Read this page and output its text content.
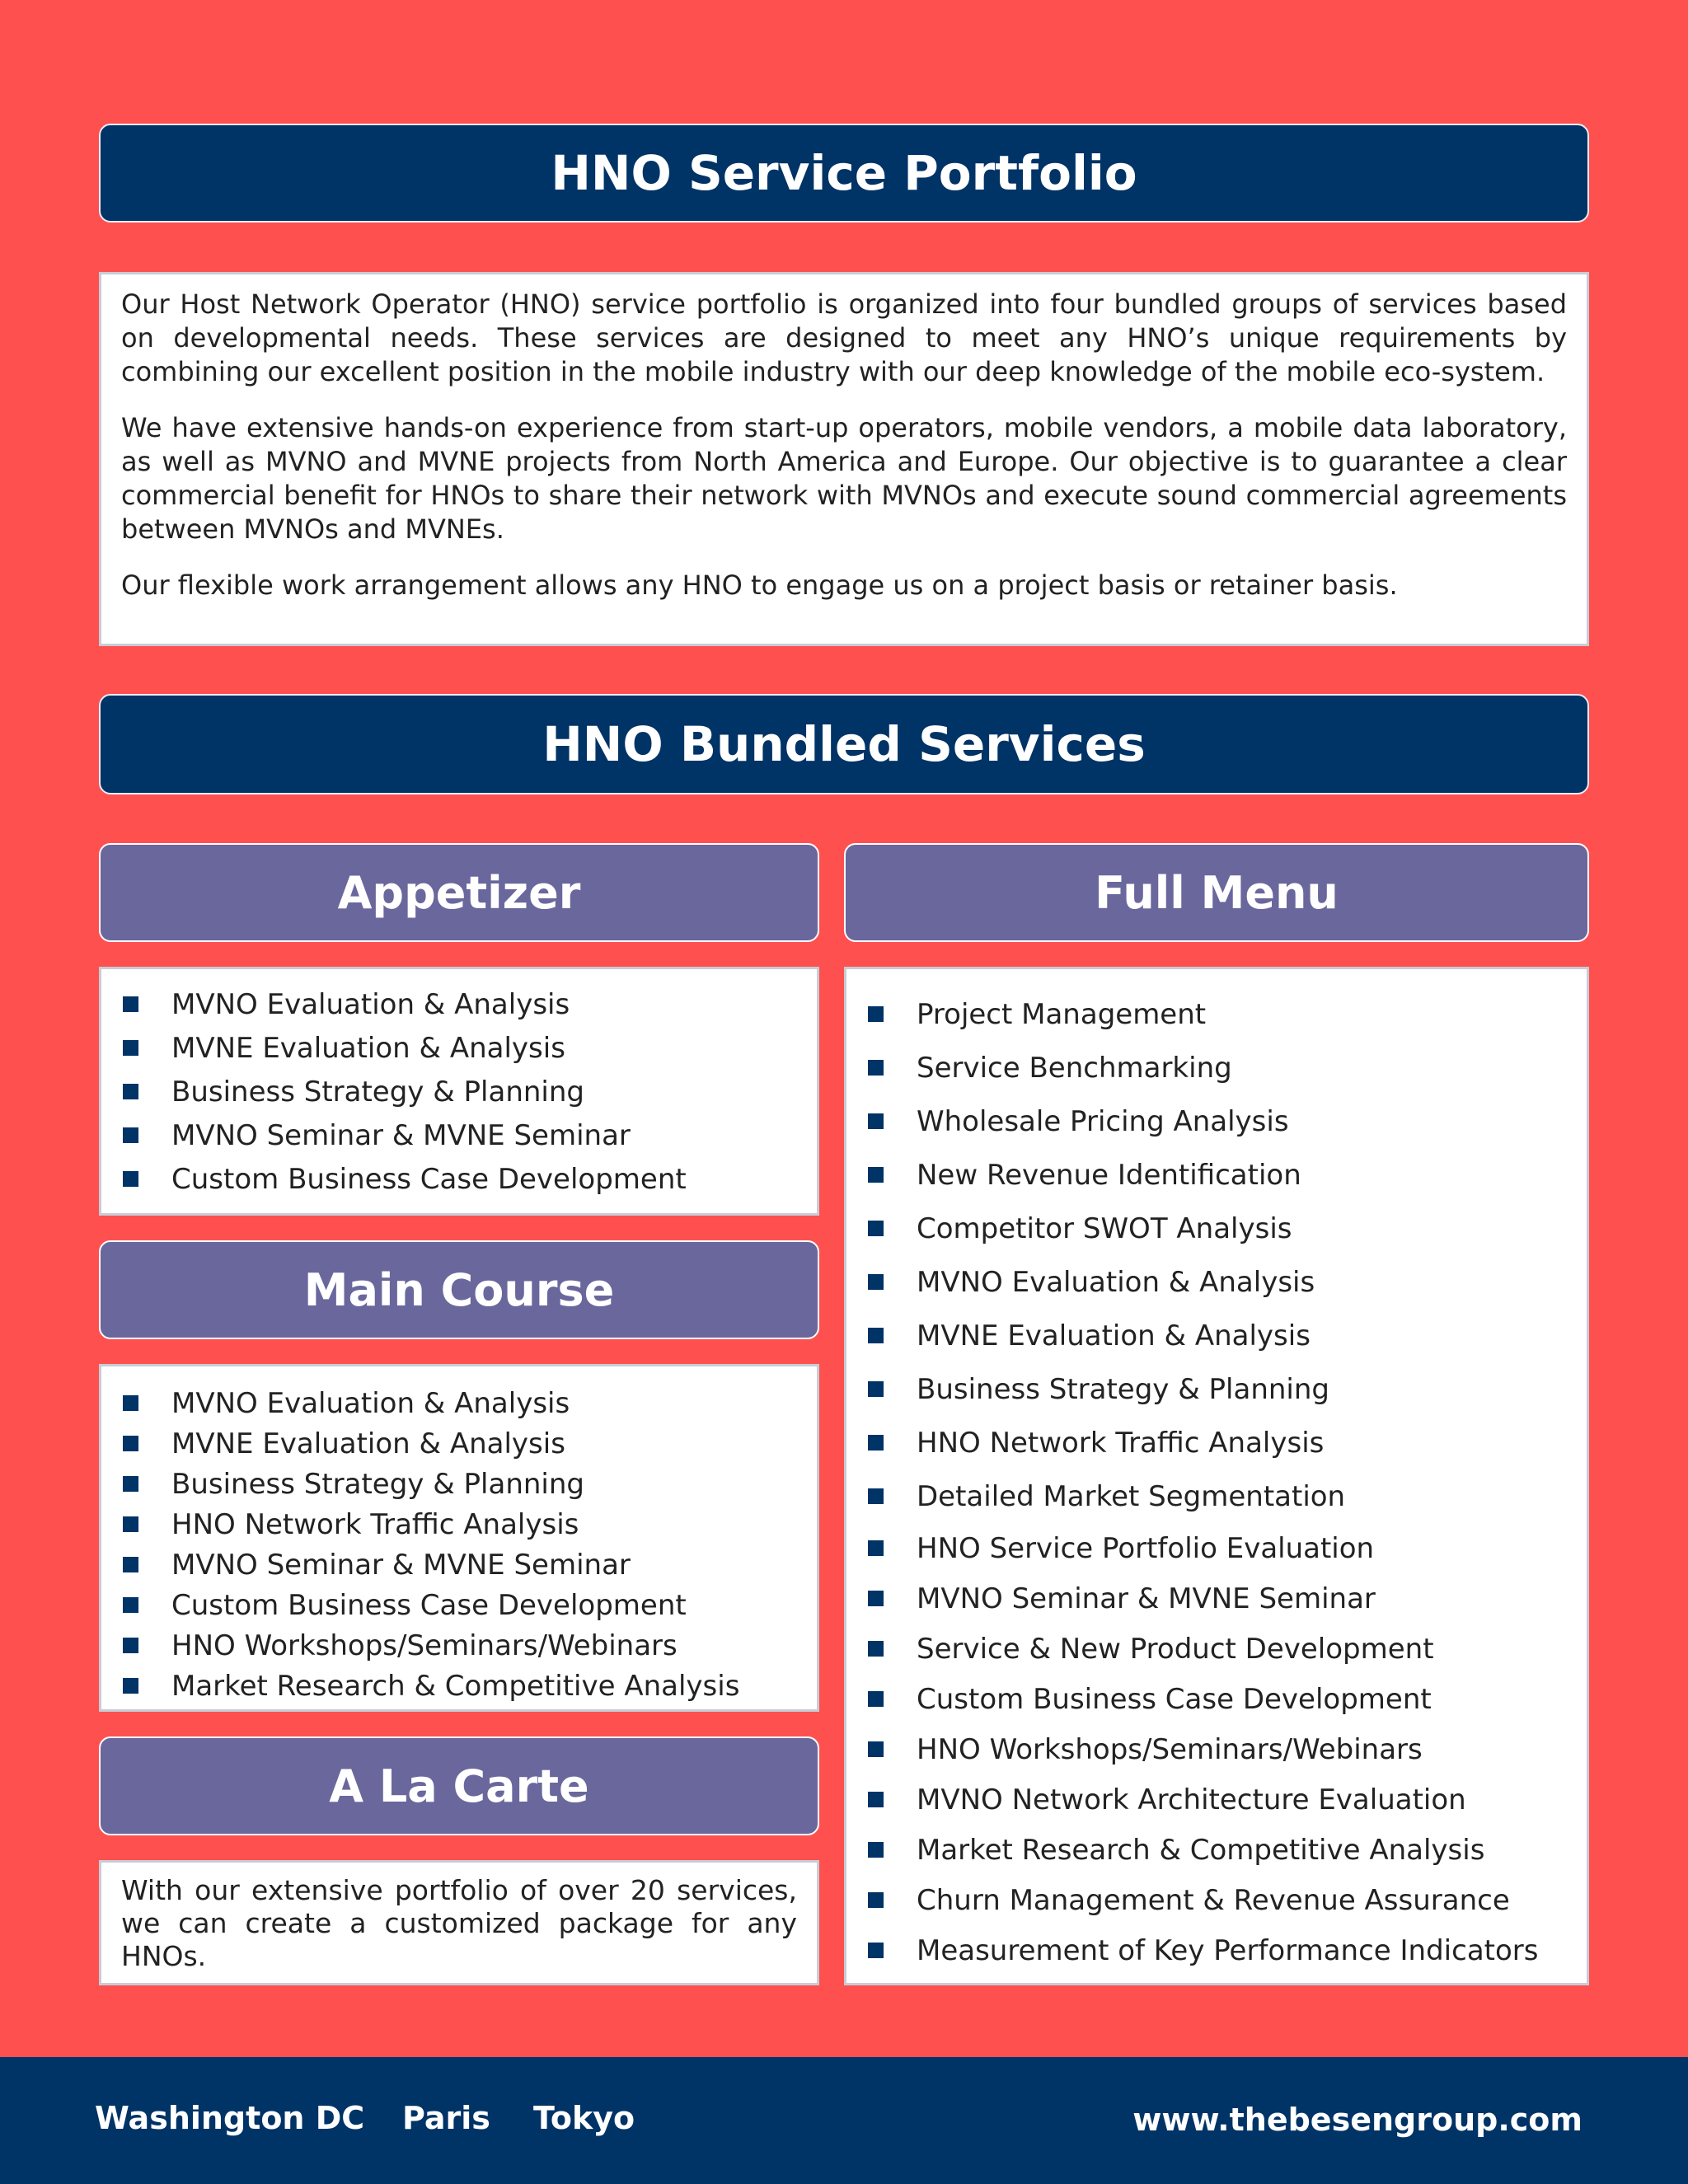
HNO Service Portfolio

Our Host Network Operator (HNO) service portfolio is organized into four bundled groups of services based on developmental needs. These services are designed to meet any HNO’s unique requirements by combining our excellent position in the mobile industry with our deep knowledge of the mobile eco-system.

We have extensive hands-on experience from start-up operators, mobile vendors, a mobile data laboratory, as well as MVNO and MVNE projects from North America and Europe. Our objective is to guarantee a clear commercial benefit for HNOs to share their network with MVNOs and execute sound commercial agreements between MVNOs and MVNEs.

Our flexible work arrangement allows any HNO to engage us on a project basis or retainer basis.

HNO Bundled Services
Appetizer
MVNO Evaluation & Analysis
MVNE Evaluation & Analysis
Business Strategy & Planning
MVNO Seminar & MVNE Seminar
Custom Business Case Development
Main Course
MVNO Evaluation & Analysis
MVNE Evaluation & Analysis
Business Strategy & Planning
HNO Network Traffic Analysis
MVNO Seminar & MVNE Seminar
Custom Business Case Development
HNO Workshops/Seminars/Webinars
Market Research & Competitive Analysis
A La Carte
With our extensive portfolio of over 20 services, we can create a customized package for any HNOs.
Full Menu
Project Management
Service Benchmarking
Wholesale Pricing Analysis
New Revenue Identification
Competitor SWOT Analysis
MVNO Evaluation & Analysis
MVNE Evaluation & Analysis
Business Strategy & Planning
HNO Network Traffic Analysis
Detailed Market Segmentation
HNO Service Portfolio Evaluation
MVNO Seminar & MVNE Seminar
Service & New Product Development
Custom Business Case Development
HNO Workshops/Seminars/Webinars
MVNO Network Architecture Evaluation
Market Research & Competitive Analysis
Churn Management & Revenue Assurance
Measurement of Key Performance Indicators
Washington DC Paris Tokyo	www.thebesengroup.com
